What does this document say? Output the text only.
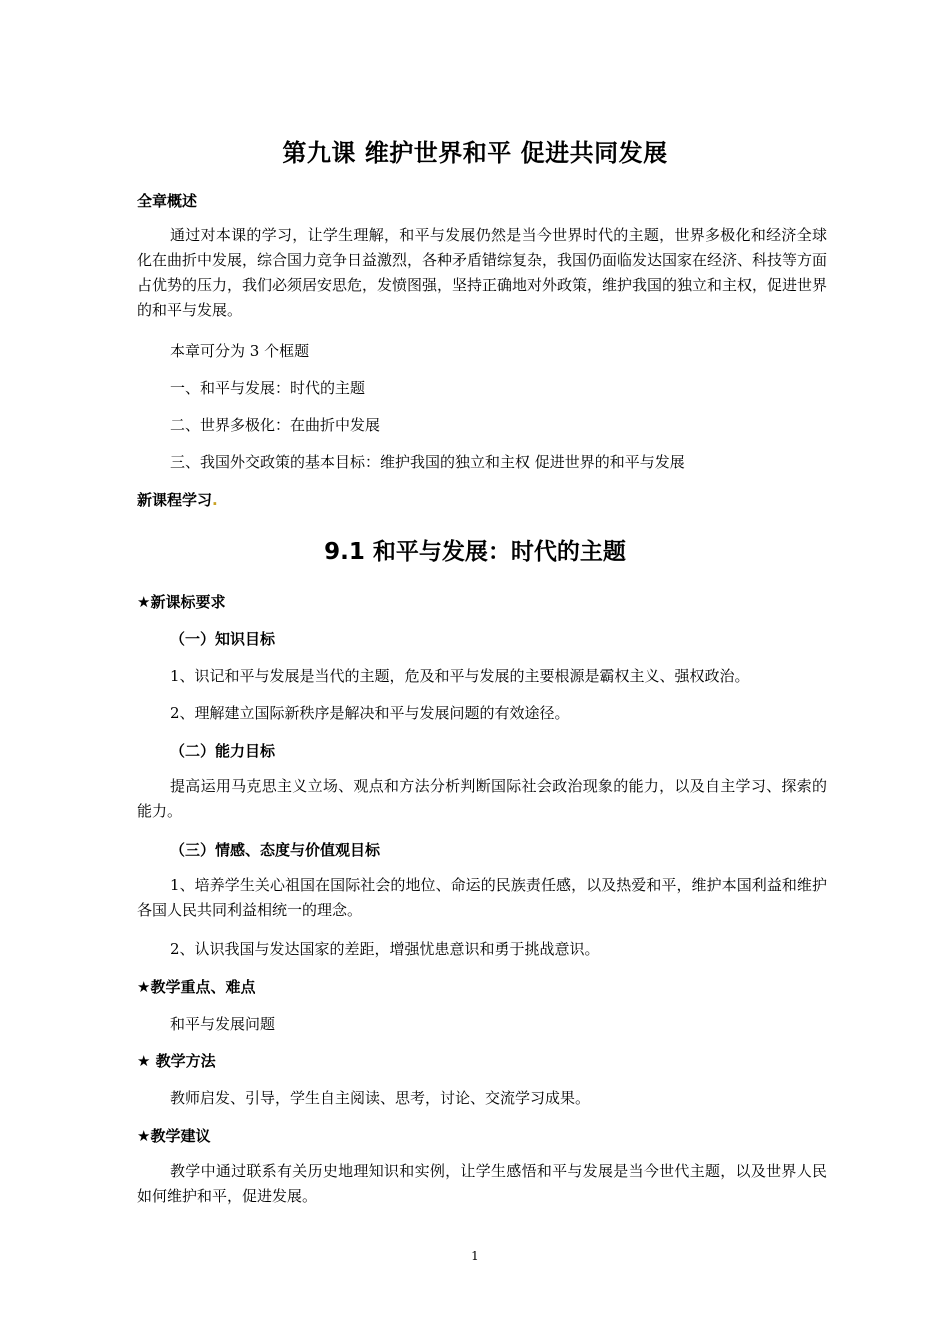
第九课 维护世界和平 促进共同发展
全章概述
通过对本课的学习，让学生理解，和平与发展仍然是当今世界时代的主题，世界多极化和经济全球化在曲折中发展，综合国力竞争日益激烈，各种矛盾错综复杂，我国仍面临发达国家在经济、科技等方面占优势的压力，我们必须居安思危，发愤图强，坚持正确地对外政策，维护我国的独立和主权，促进世界的和平与发展。
本章可分为 3 个框题
一、和平与发展：时代的主题
二、世界多极化：在曲折中发展
三、我国外交政策的基本目标：维护我国的独立和主权 促进世界的和平与发展
新课程学习.
9.1 和平与发展：时代的主题
★新课标要求
（一）知识目标
1、识记和平与发展是当代的主题，危及和平与发展的主要根源是霸权主义、强权政治。
2、理解建立国际新秩序是解决和平与发展问题的有效途径。
（二）能力目标
提高运用马克思主义立场、观点和方法分析判断国际社会政治现象的能力，以及自主学习、探索的能力。
（三）情感、态度与价值观目标
1、培养学生关心祖国在国际社会的地位、命运的民族责任感，以及热爱和平，维护本国利益和维护各国人民共同利益相统一的理念。
2、认识我国与发达国家的差距，增强忧患意识和勇于挑战意识。
★教学重点、难点
和平与发展问题
★ 教学方法
教师启发、引导，学生自主阅读、思考，讨论、交流学习成果。
★教学建议
教学中通过联系有关历史地理知识和实例，让学生感悟和平与发展是当今世代主题，以及世界人民如何维护和平，促进发展。
1
